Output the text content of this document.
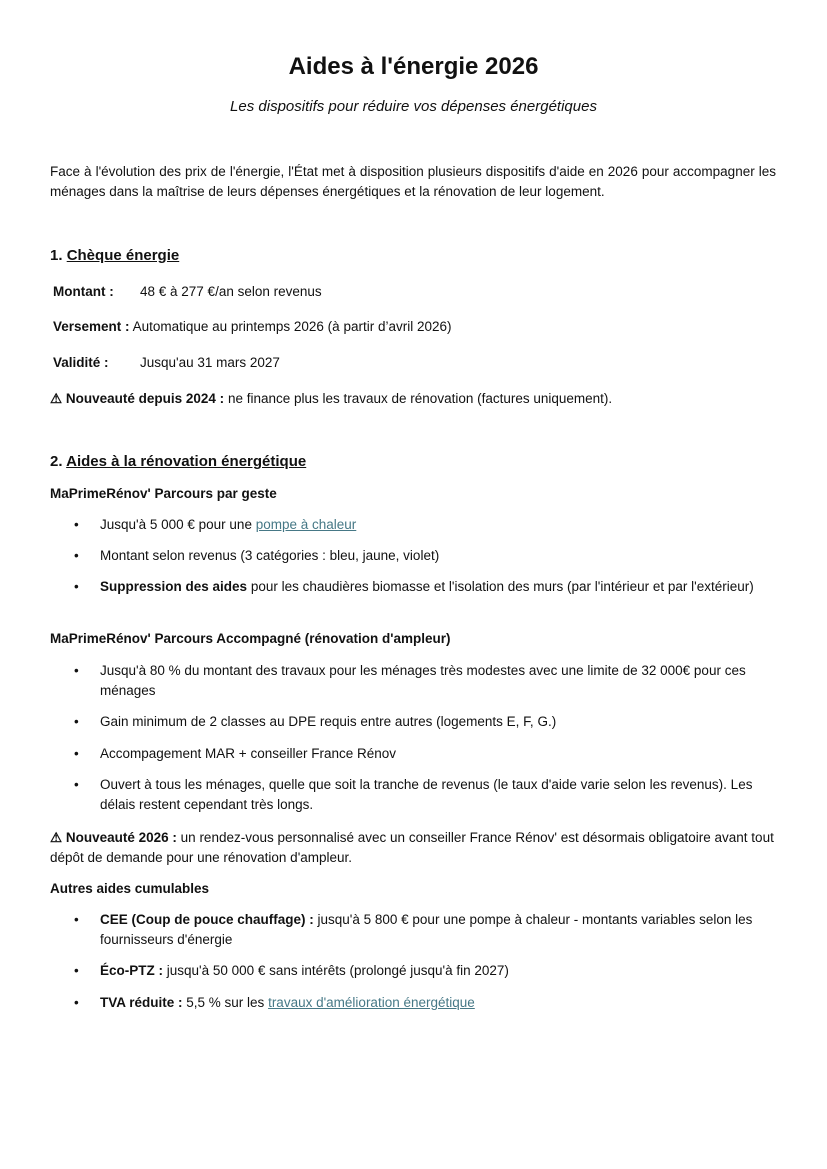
Aides à l'énergie 2026
Les dispositifs pour réduire vos dépenses énergétiques
Face à l'évolution des prix de l'énergie, l'État met à disposition plusieurs dispositifs d'aide en 2026 pour accompagner les ménages dans la maîtrise de leurs dépenses énergétiques et la rénovation de leur logement.
1. Chèque énergie
Montant : 48 € à 277 €/an selon revenus
Versement : Automatique au printemps 2026 (à partir d’avril 2026)
Validité : Jusqu'au 31 mars 2027
⚠ Nouveauté depuis 2024 : ne finance plus les travaux de rénovation (factures uniquement).
2. Aides à la rénovation énergétique
MaPrimeRénov' Parcours par geste
• Jusqu'à 5 000 € pour une pompe à chaleur
• Montant selon revenus (3 catégories : bleu, jaune, violet)
• Suppression des aides pour les chaudières biomasse et l'isolation des murs (par l'intérieur et par l'extérieur)
MaPrimeRénov' Parcours Accompagné (rénovation d'ampleur)
• Jusqu'à 80 % du montant des travaux pour les ménages très modestes avec une limite de 32 000€ pour ces ménages
• Gain minimum de 2 classes au DPE requis entre autres (logements E, F, G.)
• Accompagement MAR + conseiller France Rénov
• Ouvert à tous les ménages, quelle que soit la tranche de revenus (le taux d'aide varie selon les revenus). Les délais restent cependant très longs.
⚠ Nouveauté 2026 : un rendez-vous personnalisé avec un conseiller France Rénov' est désormais obligatoire avant tout dépôt de demande pour une rénovation d'ampleur.
Autres aides cumulables
• CEE (Coup de pouce chauffage) : jusqu'à 5 800 € pour une pompe à chaleur - montants variables selon les fournisseurs d'énergie
• Éco-PTZ : jusqu'à 50 000 € sans intérêts (prolongé jusqu'à fin 2027)
• TVA réduite : 5,5 % sur les travaux d'amélioration énergétique
